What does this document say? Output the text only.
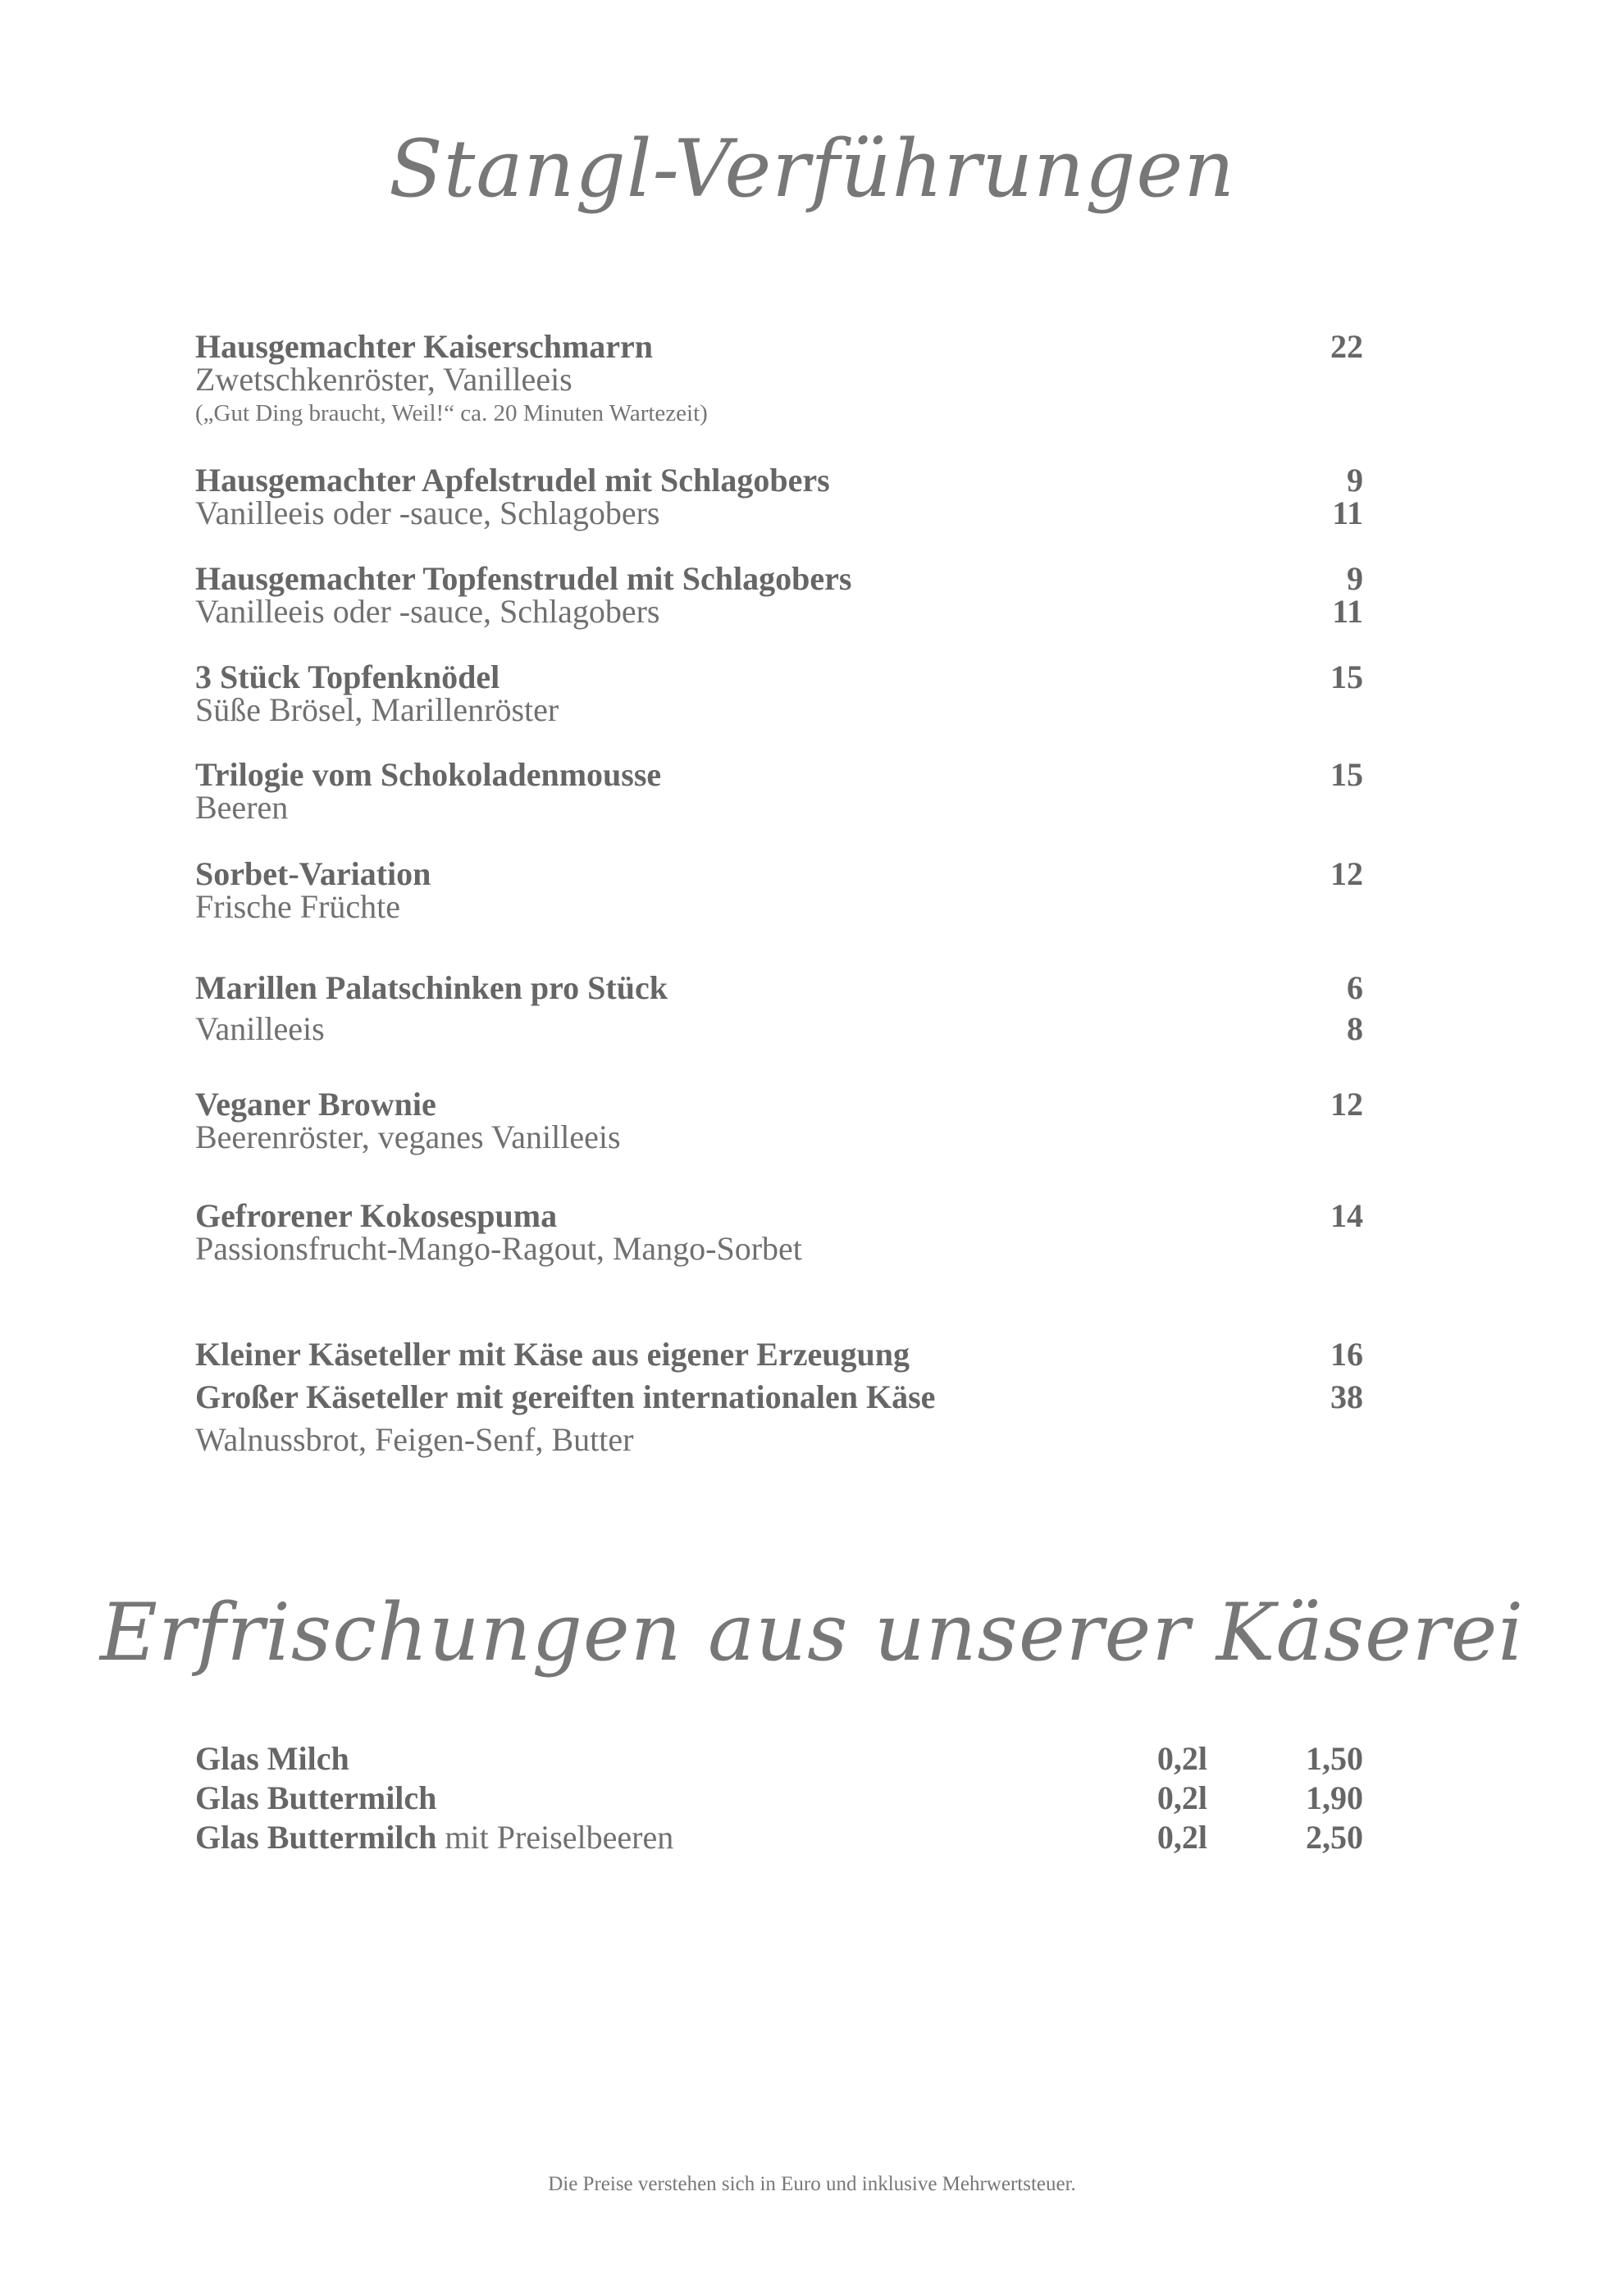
Stangl-Verführungen
Hausgemachter Kaiserschmarrn	22
Zwetschkenröster, Vanilleeis
(„Gut Ding braucht, Weil!“ ca. 20 Minuten Wartezeit)
Hausgemachter Apfelstrudel mit Schlagobers	9
Vanilleeis oder -sauce, Schlagobers	11
Hausgemachter Topfenstrudel mit Schlagobers	9
Vanilleeis oder -sauce, Schlagobers	11
3 Stück Topfenknödel	15
Süße Brösel, Marillenröster
Trilogie vom Schokoladenmousse	15
Beeren
Sorbet-Variation	12
Frische Früchte
Marillen Palatschinken pro Stück	6
Vanilleeis	8
Veganer Brownie	12
Beerenröster, veganes Vanilleeis
Gefrorener Kokosespuma	14
Passionsfrucht-Mango-Ragout, Mango-Sorbet
Kleiner Käseteller mit Käse aus eigener Erzeugung	16
Großer Käseteller mit gereiften internationalen Käse	38
Walnussbrot, Feigen-Senf, Butter
Erfrischungen aus unserer Käserei
Glas Milch	0,2l	1,50
Glas Buttermilch	0,2l	1,90
Glas Buttermilch mit Preiselbeeren	0,2l	2,50
Die Preise verstehen sich in Euro und inklusive Mehrwertsteuer.
